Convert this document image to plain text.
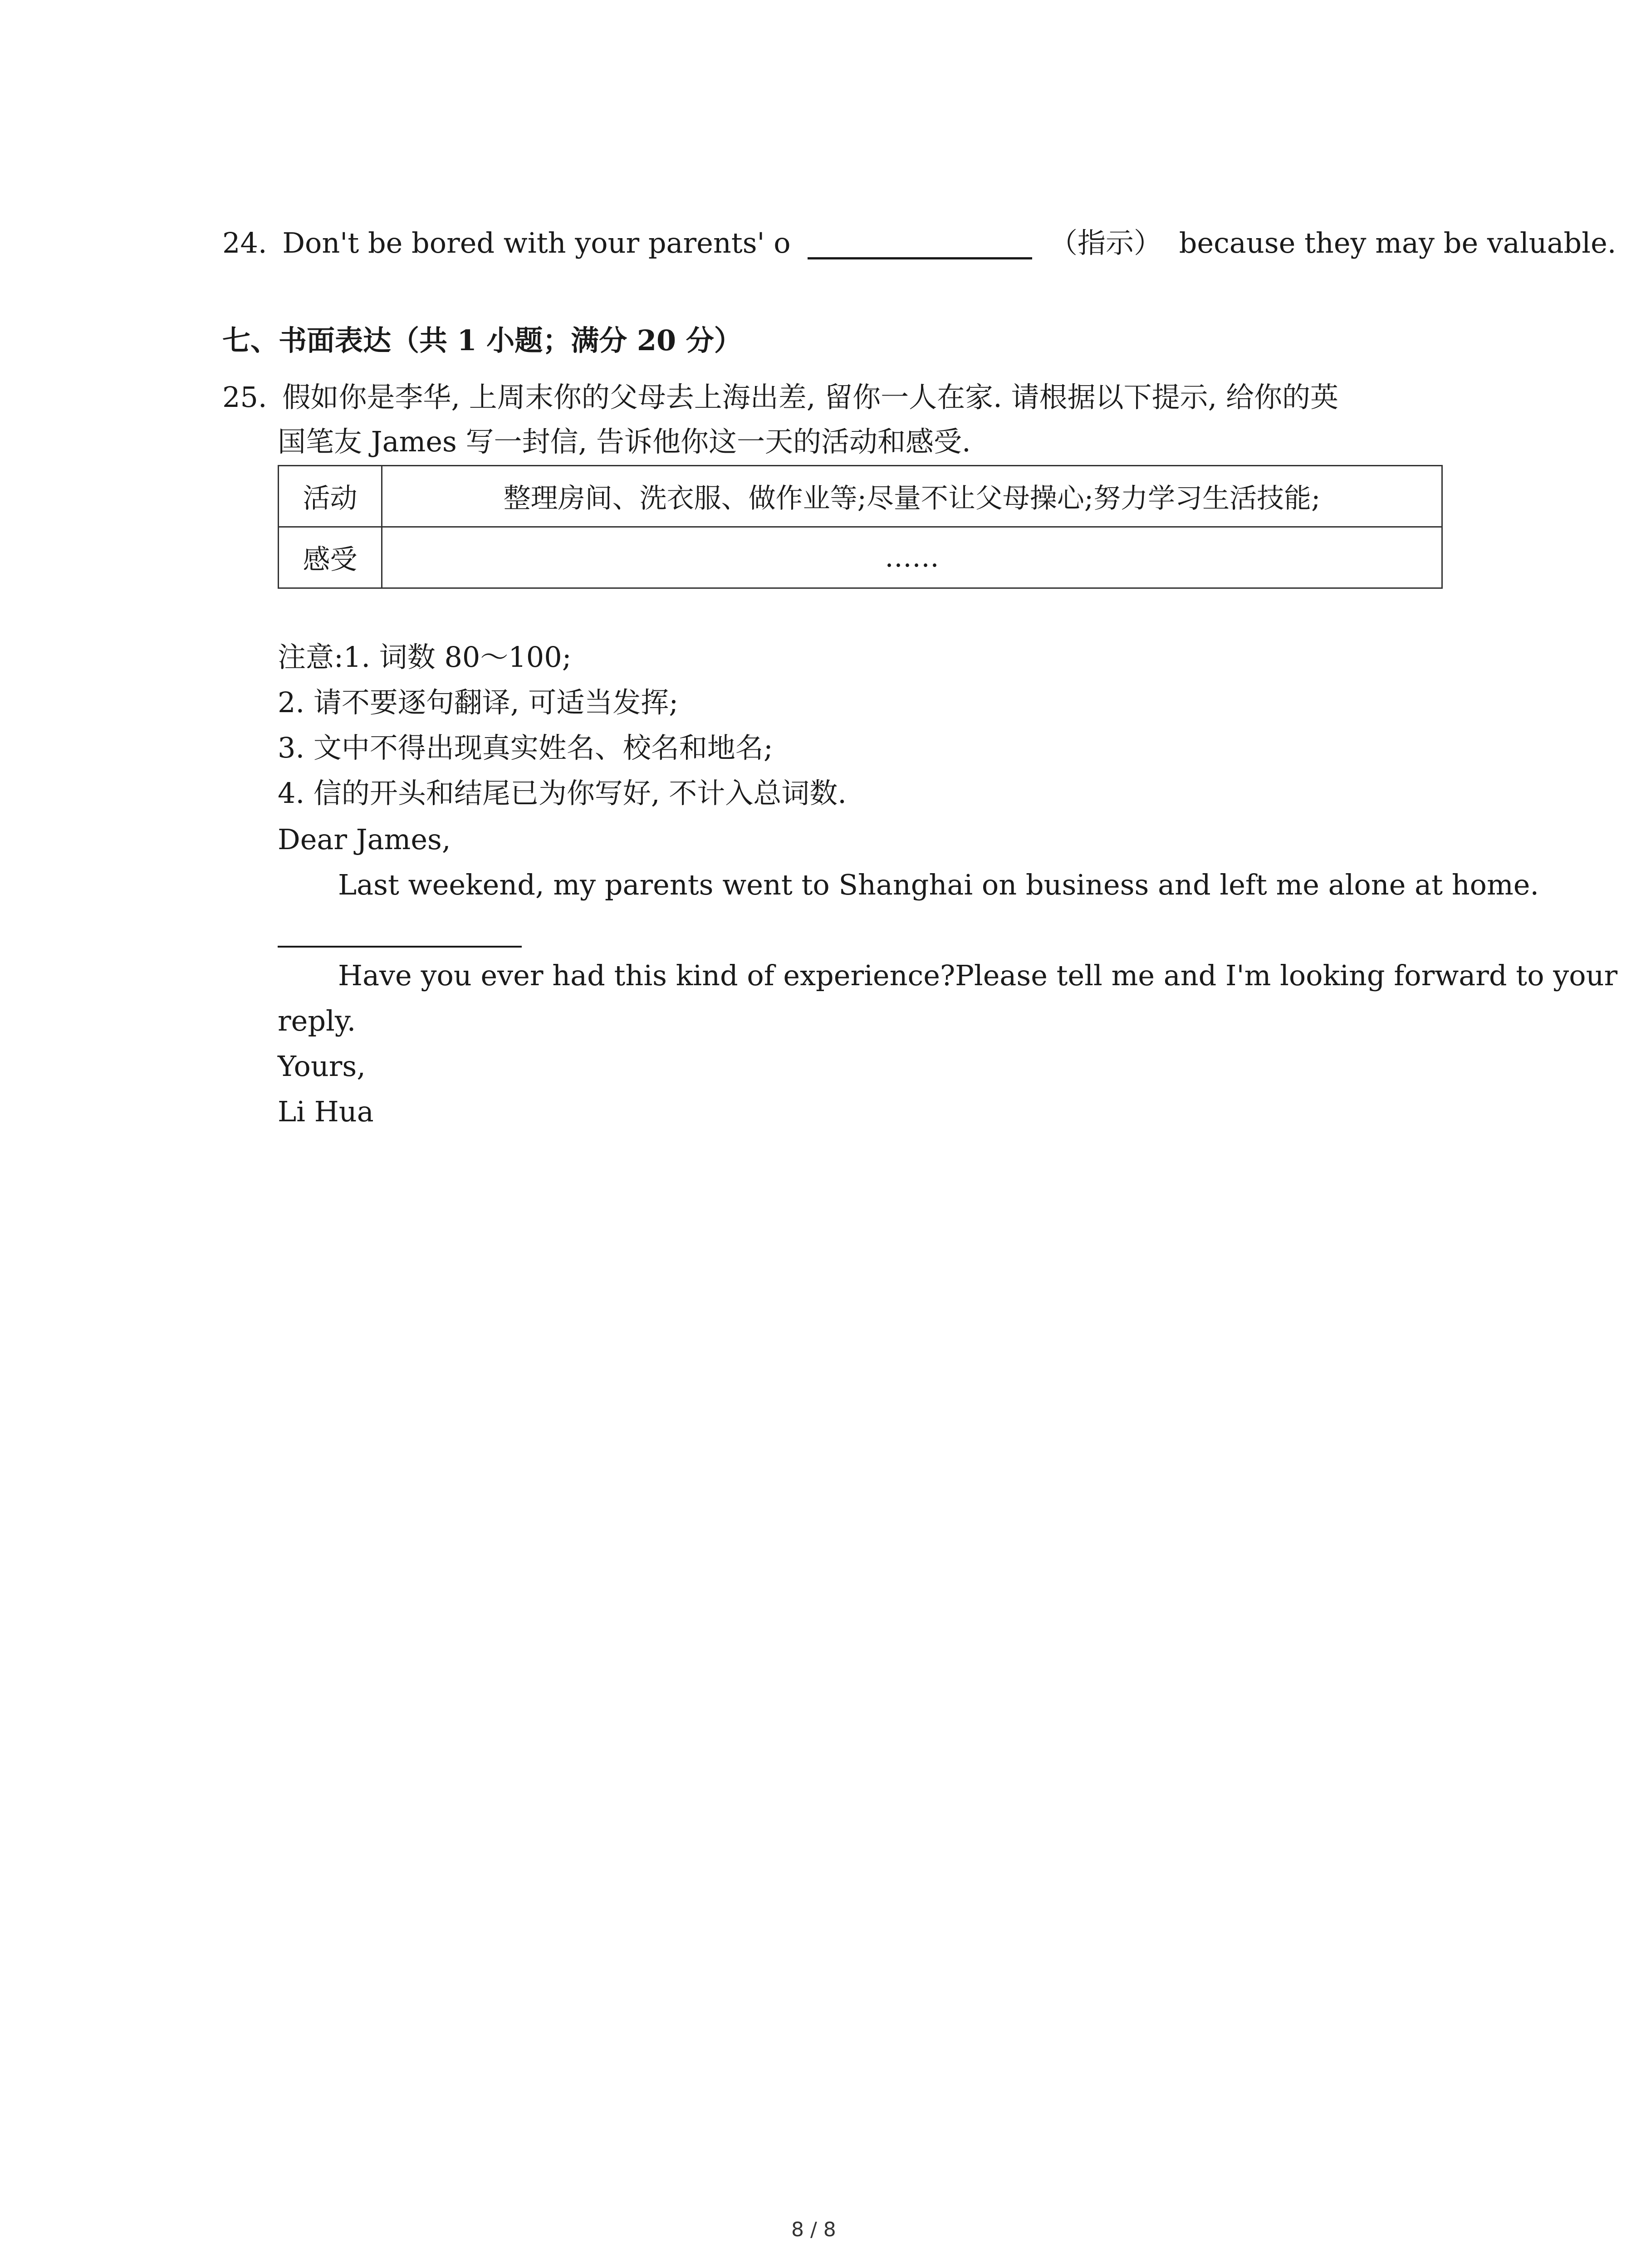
24. Don't be bored with your parents' o	（指示） because they may be valuable.
七、书面表达（共 1 小题；满分 20 分）
25. 假如你是李华, 上周末你的父母去上海出差, 留你一人在家. 请根据以下提示, 给你的英
国笔友 James 写一封信, 告诉他你这一天的活动和感受.
活动	整理房间、洗衣服、做作业等;尽量不让父母操心;努力学习生活技能;
感受	……
注意:1. 词数 80～100;
2. 请不要逐句翻译, 可适当发挥;
3. 文中不得出现真实姓名、校名和地名;
4. 信的开头和结尾已为你写好, 不计入总词数.
Dear James,
Last weekend, my parents went to Shanghai on business and left me alone at home.
Have you ever had this kind of experience?Please tell me and I'm looking forward to your
reply.
Yours,
Li Hua
8 / 8
